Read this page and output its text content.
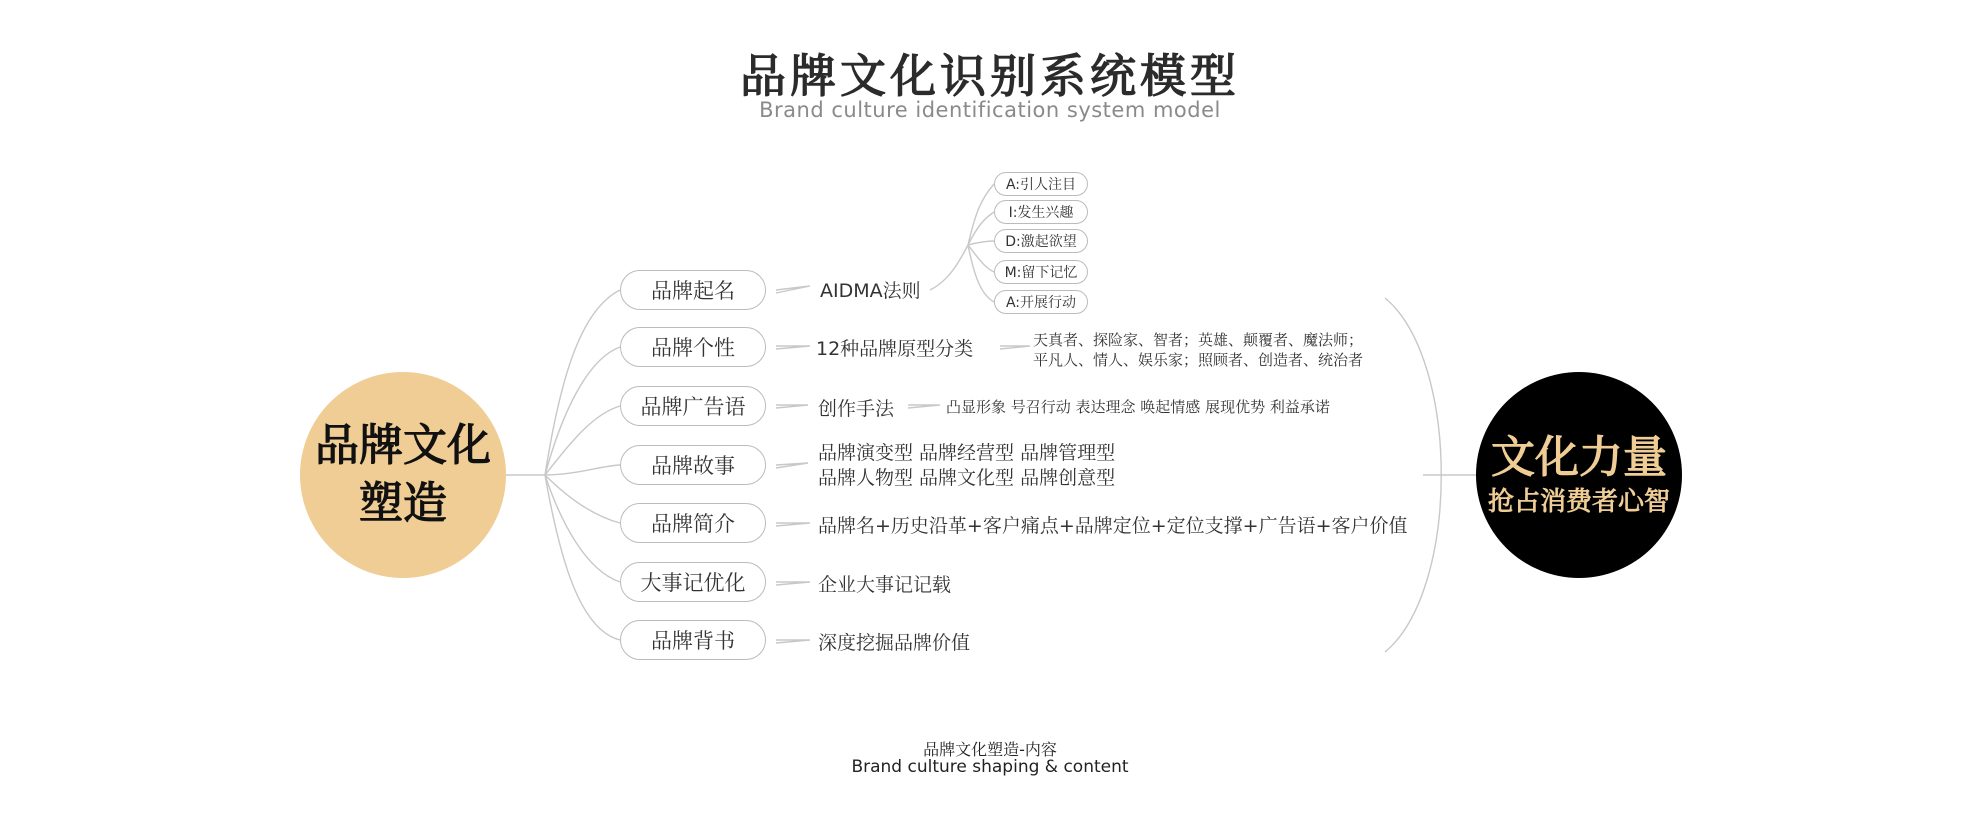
品牌文化识别系统模型
Brand culture identification system model
品牌文化
塑造
文化力量
抢占消费者心智
品牌起名
品牌个性
品牌广告语
品牌故事
品牌简介
大事记优化
品牌背书
AIDMA法则
12种品牌原型分类
创作手法
品牌演变型 品牌经营型 品牌管理型
品牌人物型 品牌文化型 品牌创意型
品牌名+历史沿革+客户痛点+品牌定位+定位支撑+广告语+客户价值
企业大事记记载
深度挖掘品牌价值
A:引人注目
I:发生兴趣
D:激起欲望
M:留下记忆
A:开展行动
天真者、探险家、智者；英雄、颠覆者、魔法师；
平凡人、情人、娱乐家；照顾者、创造者、统治者
凸显形象 号召行动 表达理念 唤起情感 展现优势 利益承诺
品牌文化塑造-内容
Brand culture shaping & content
